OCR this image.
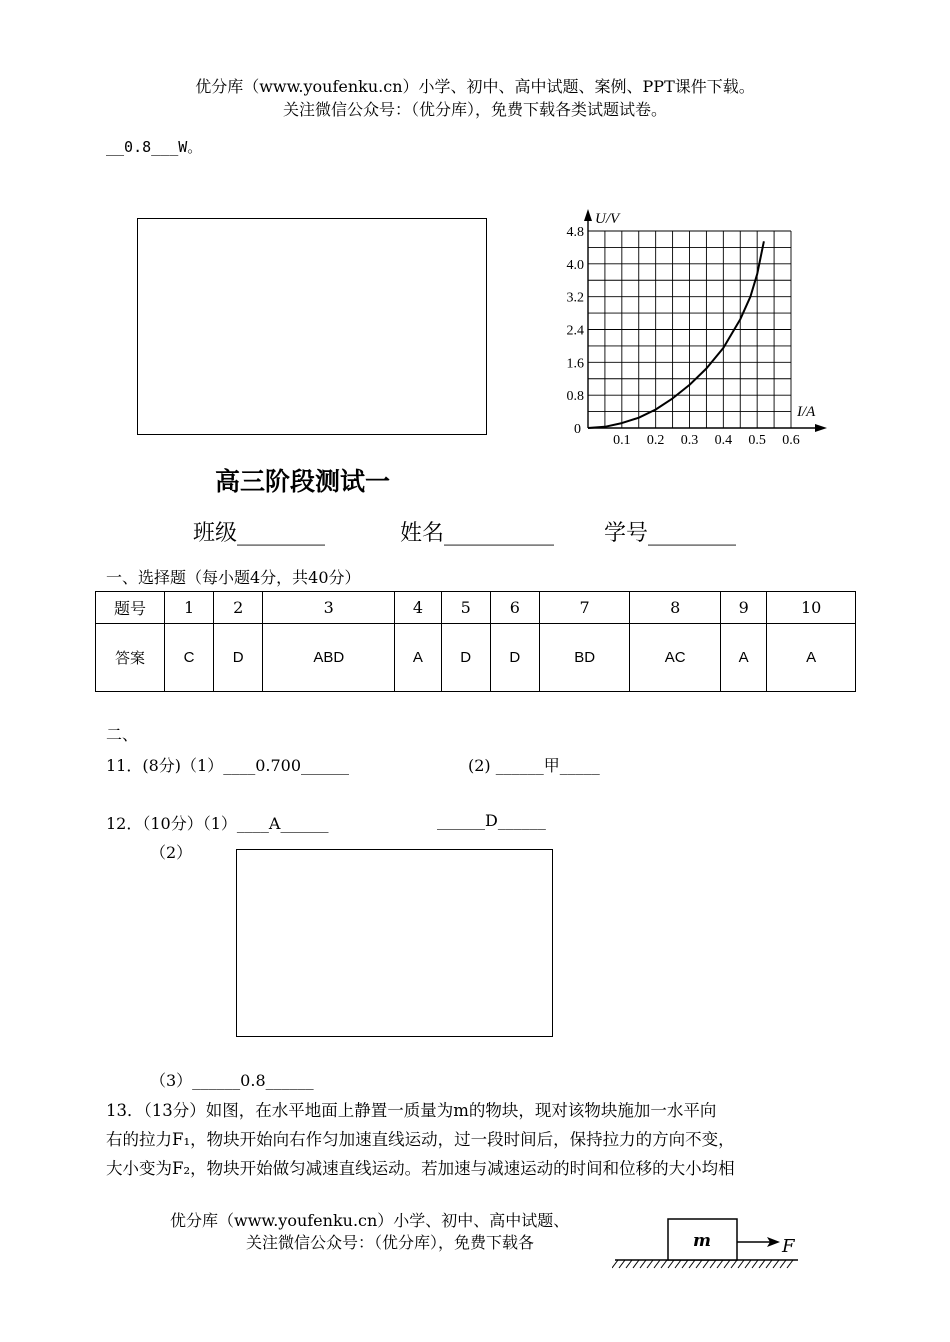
优分库（www.youfenku.cn）小学、初中、高中试题、案例、PPT课件下载。
关注微信公众号：（优分库），免费下载各类试题试卷。
__0.8___W。
0.1 0.2 0.3 0.4 0.5 0.6
0.8
1.6
2.4
3.2
4.0
4.8
0
I/A
U/V
高三阶段测试一
班级________	姓名__________ 学号________
一、选择题（每小题4分，共40分）
题号	1	2	3	4	5	6	7	8	9	10
答案	C	D	ABD	A	D	D	BD	AC	A	A
二、
11．(8分)（1）____0.700______	(2) ______甲_____
12．（10分）（1）____A______	______D______
（2）
（3）______0.8______
13．（13分）如图，在水平地面上静置一质量为m的物块，现对该物块施加一水平向
右的拉力F₁，物块开始向右作匀加速直线运动，过一段时间后，保持拉力的方向不变，
大小变为F₂，物块开始做匀减速直线运动。若加速与减速运动的时间和位移的大小均相
优分库（www.youfenku.cn）小学、初中、高中试题、
关注微信公众号：（优分库），免费下载各	m	F
